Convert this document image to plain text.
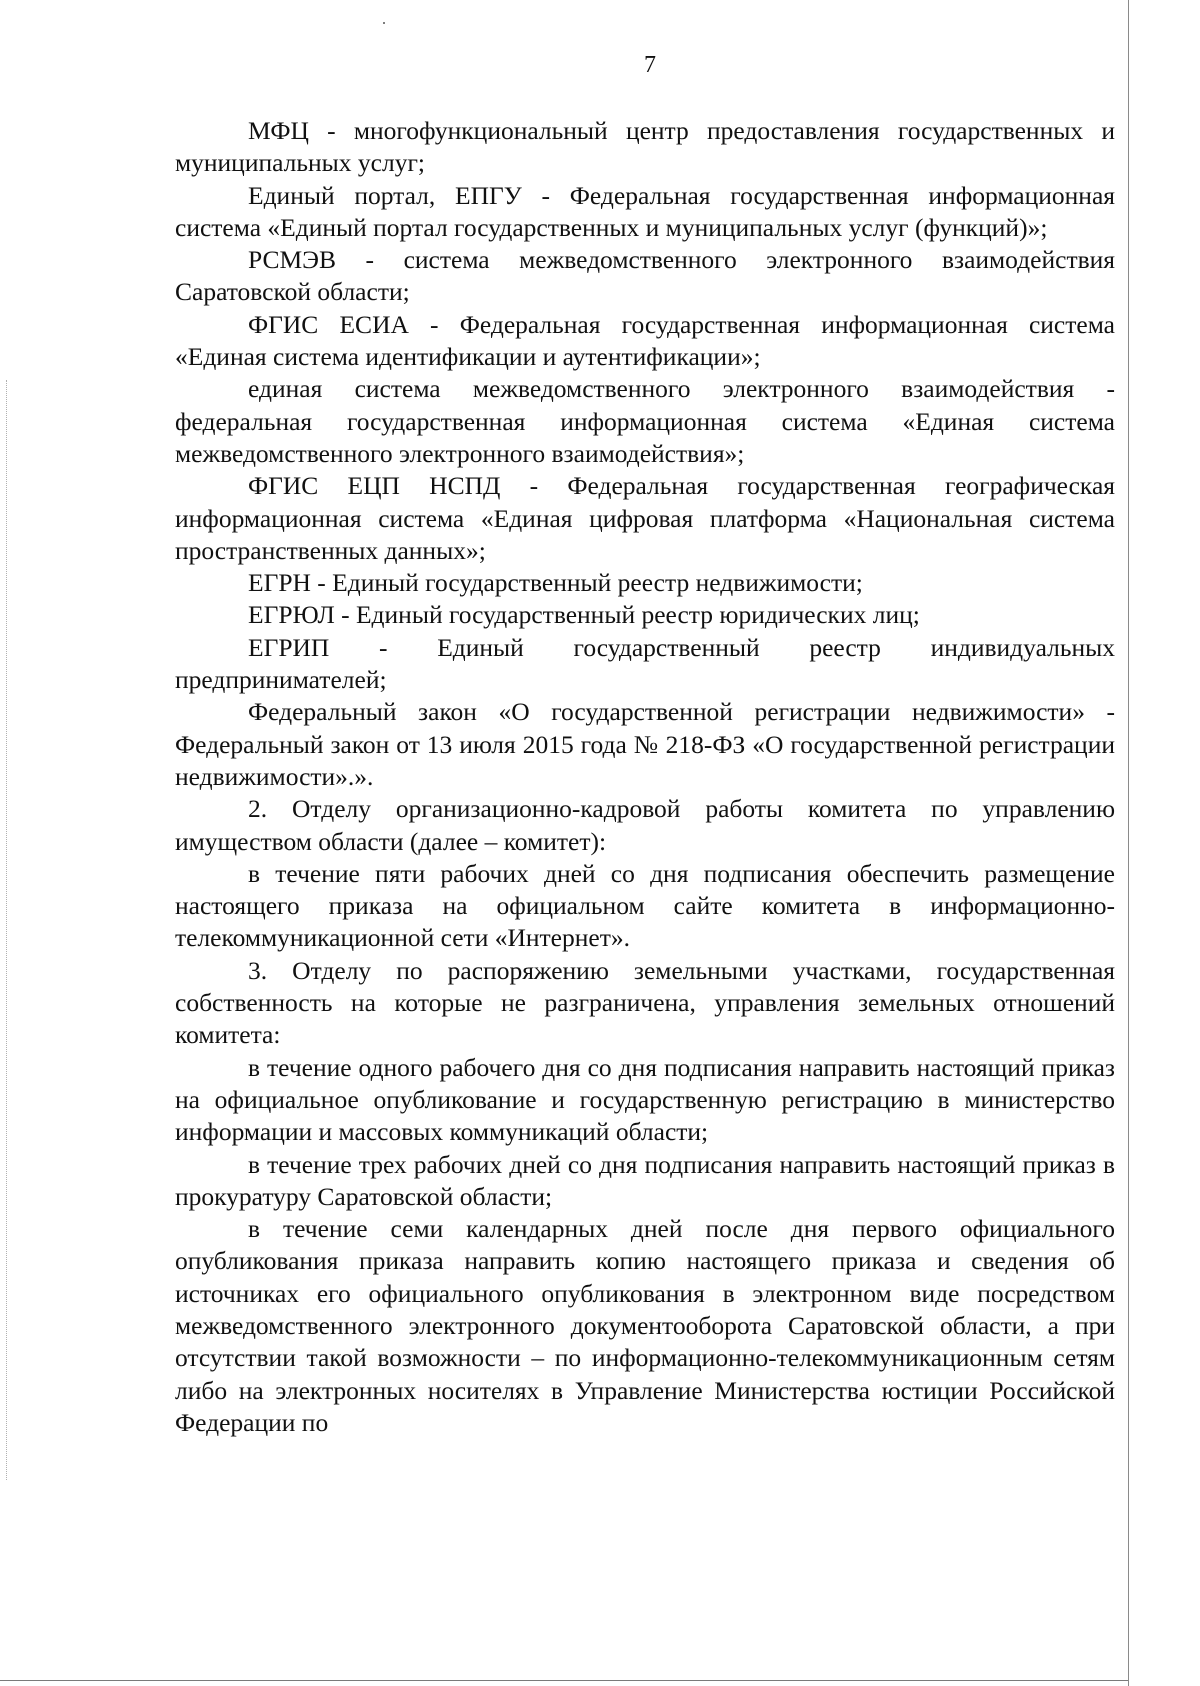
7

МФЦ - многофункциональный центр предоставления государственных и муниципальных услуг;

Единый портал, ЕПГУ - Федеральная государственная информационная система «Единый портал государственных и муниципальных услуг (функций)»;

РСМЭВ - система межведомственного электронного взаимодействия Саратовской области;

ФГИС ЕСИА - Федеральная государственная информационная система «Единая система идентификации и аутентификации»;

единая система межведомственного электронного взаимодействия - федеральная государственная информационная система «Единая система межведомственного электронного взаимодействия»;

ФГИС ЕЦП НСПД - Федеральная государственная географическая информационная система «Единая цифровая платформа «Национальная система пространственных данных»;

ЕГРН - Единый государственный реестр недвижимости;

ЕГРЮЛ - Единый государственный реестр юридических лиц;

ЕГРИП - Единый государственный реестр индивидуальных предпринимателей;

Федеральный закон «О государственной регистрации недвижимости» - Федеральный закон от 13 июля 2015 года № 218-ФЗ «О государственной регистрации недвижимости».».

2. Отделу организационно-кадровой работы комитета по управлению имуществом области (далее – комитет):

в течение пяти рабочих дней со дня подписания обеспечить размещение настоящего приказа на официальном сайте комитета в информационно-телекоммуникационной сети «Интернет».

3. Отделу по распоряжению земельными участками, государственная собственность на которые не разграничена, управления земельных отношений комитета:

в течение одного рабочего дня со дня подписания направить настоящий приказ на официальное опубликование и государственную регистрацию в министерство информации и массовых коммуникаций области;

в течение трех рабочих дней со дня подписания направить настоящий приказ в прокуратуру Саратовской области;

в течение семи календарных дней после дня первого официального опубликования приказа направить копию настоящего приказа и сведения об источниках его официального опубликования в электронном виде посредством межведомственного электронного документооборота Саратовской области, а при отсутствии такой возможности – по информационно-телекоммуникационным сетям либо на электронных носителях в Управление Министерства юстиции Российской Федерации по
